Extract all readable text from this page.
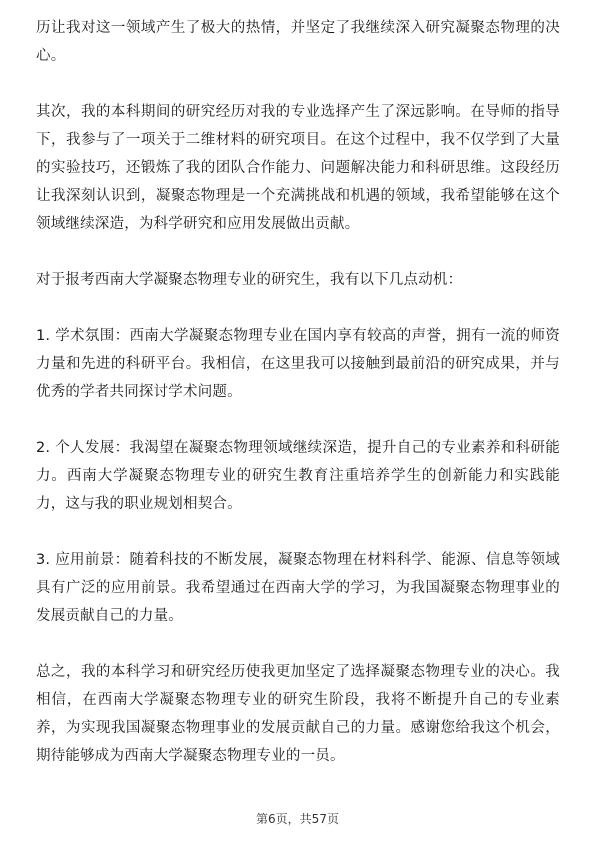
历让我对这一领域产生了极大的热情，并坚定了我继续深入研究凝聚态物理的决心。

其次，我的本科期间的研究经历对我的专业选择产生了深远影响。在导师的指导下，我参与了一项关于二维材料的研究项目。在这个过程中，我不仅学到了大量的实验技巧，还锻炼了我的团队合作能力、问题解决能力和科研思维。这段经历让我深刻认识到，凝聚态物理是一个充满挑战和机遇的领域，我希望能够在这个领域继续深造，为科学研究和应用发展做出贡献。

对于报考西南大学凝聚态物理专业的研究生，我有以下几点动机：

1. 学术氛围：西南大学凝聚态物理专业在国内享有较高的声誉，拥有一流的师资力量和先进的科研平台。我相信，在这里我可以接触到最前沿的研究成果，并与优秀的学者共同探讨学术问题。

2. 个人发展：我渴望在凝聚态物理领域继续深造，提升自己的专业素养和科研能力。西南大学凝聚态物理专业的研究生教育注重培养学生的创新能力和实践能力，这与我的职业规划相契合。

3. 应用前景：随着科技的不断发展，凝聚态物理在材料科学、能源、信息等领域具有广泛的应用前景。我希望通过在西南大学的学习，为我国凝聚态物理事业的发展贡献自己的力量。

总之，我的本科学习和研究经历使我更加坚定了选择凝聚态物理专业的决心。我相信，在西南大学凝聚态物理专业的研究生阶段，我将不断提升自己的专业素养，为实现我国凝聚态物理事业的发展贡献自己的力量。感谢您给我这个机会，期待能够成为西南大学凝聚态物理专业的一员。

第6页，共57页
